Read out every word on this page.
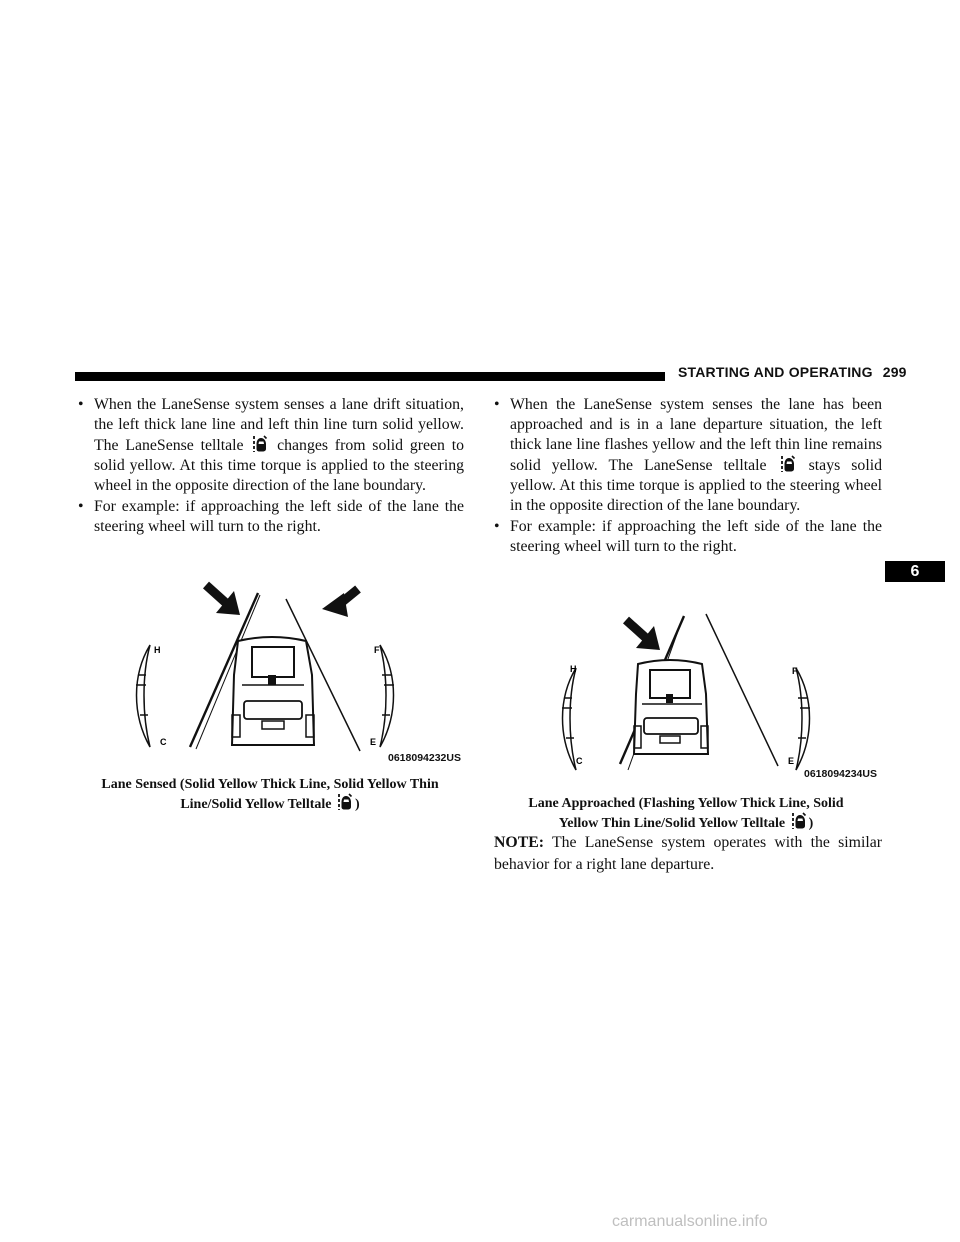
STARTING AND OPERATING 299
6
• When the LaneSense system senses a lane drift situation, the left thick lane line and left thin line turn solid yellow. The LaneSense telltale changes from solid green to solid yellow. At this time torque is applied to the steering wheel in the opposite direction of the lane boundary.
• For example: if approaching the left side of the lane the steering wheel will turn to the right.
• When the LaneSense system senses the lane has been approached and is in a lane departure situation, the left thick lane line flashes yellow and the left thin line remains solid yellow. The LaneSense telltale	stays solid yellow. At this time torque is applied to the steering wheel in the opposite direction of the lane boundary.
• For example: if approaching the left side of the lane the steering wheel will turn to the right.
H
C
F
E
0618094232US
Lane Sensed (Solid Yellow Thick Line, Solid Yellow Thin
Line/Solid Yellow Telltale )
H
C
F
E
0618094234US
Lane Approached (Flashing Yellow Thick Line, Solid
Yellow Thin Line/Solid Yellow Telltale )
NOTE: The LaneSense system operates with the similar behavior for a right lane departure.
carmanualsonline.info
